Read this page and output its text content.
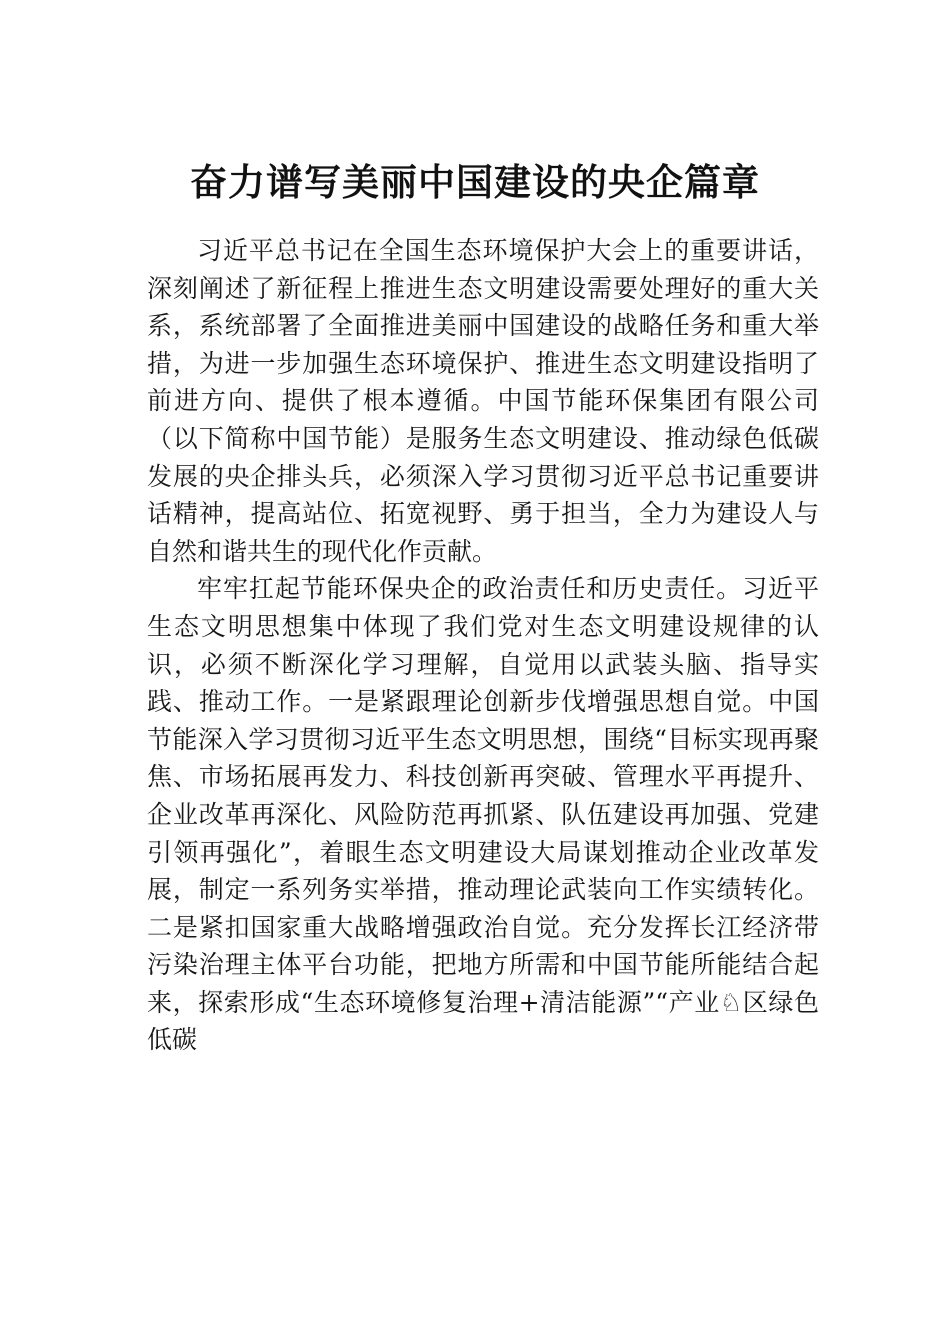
奋力谱写美丽中国建设的央企篇章

习近平总书记在全国生态环境保护大会上的重要讲话，深刻阐述了新征程上推进生态文明建设需要处理好的重大关系，系统部署了全面推进美丽中国建设的战略任务和重大举措，为进一步加强生态环境保护、推进生态文明建设指明了前进方向、提供了根本遵循。中国节能环保集团有限公司（以下简称中国节能）是服务生态文明建设、推动绿色低碳发展的央企排头兵，必须深入学习贯彻习近平总书记重要讲话精神，提高站位、拓宽视野、勇于担当，全力为建设人与自然和谐共生的现代化作贡献。

牢牢扛起节能环保央企的政治责任和历史责任。习近平生态文明思想集中体现了我们党对生态文明建设规律的认识，必须不断深化学习理解，自觉用以武装头脑、指导实践、推动工作。一是紧跟理论创新步伐增强思想自觉。中国节能深入学习贯彻习近平生态文明思想，围绕“目标实现再聚焦、市场拓展再发力、科技创新再突破、管理水平再提升、企业改革再深化、风险防范再抓紧、队伍建设再加强、党建引领再强化”，着眼生态文明建设大局谋划推动企业改革发展，制定一系列务实举措，推动理论武装向工作实绩转化。二是紧扣国家重大战略增强政治自觉。充分发挥长江经济带污染治理主体平台功能，把地方所需和中国节能所能结合起来，探索形成“生态环境修复治理+清洁能源”“产业♘区绿色低碳
